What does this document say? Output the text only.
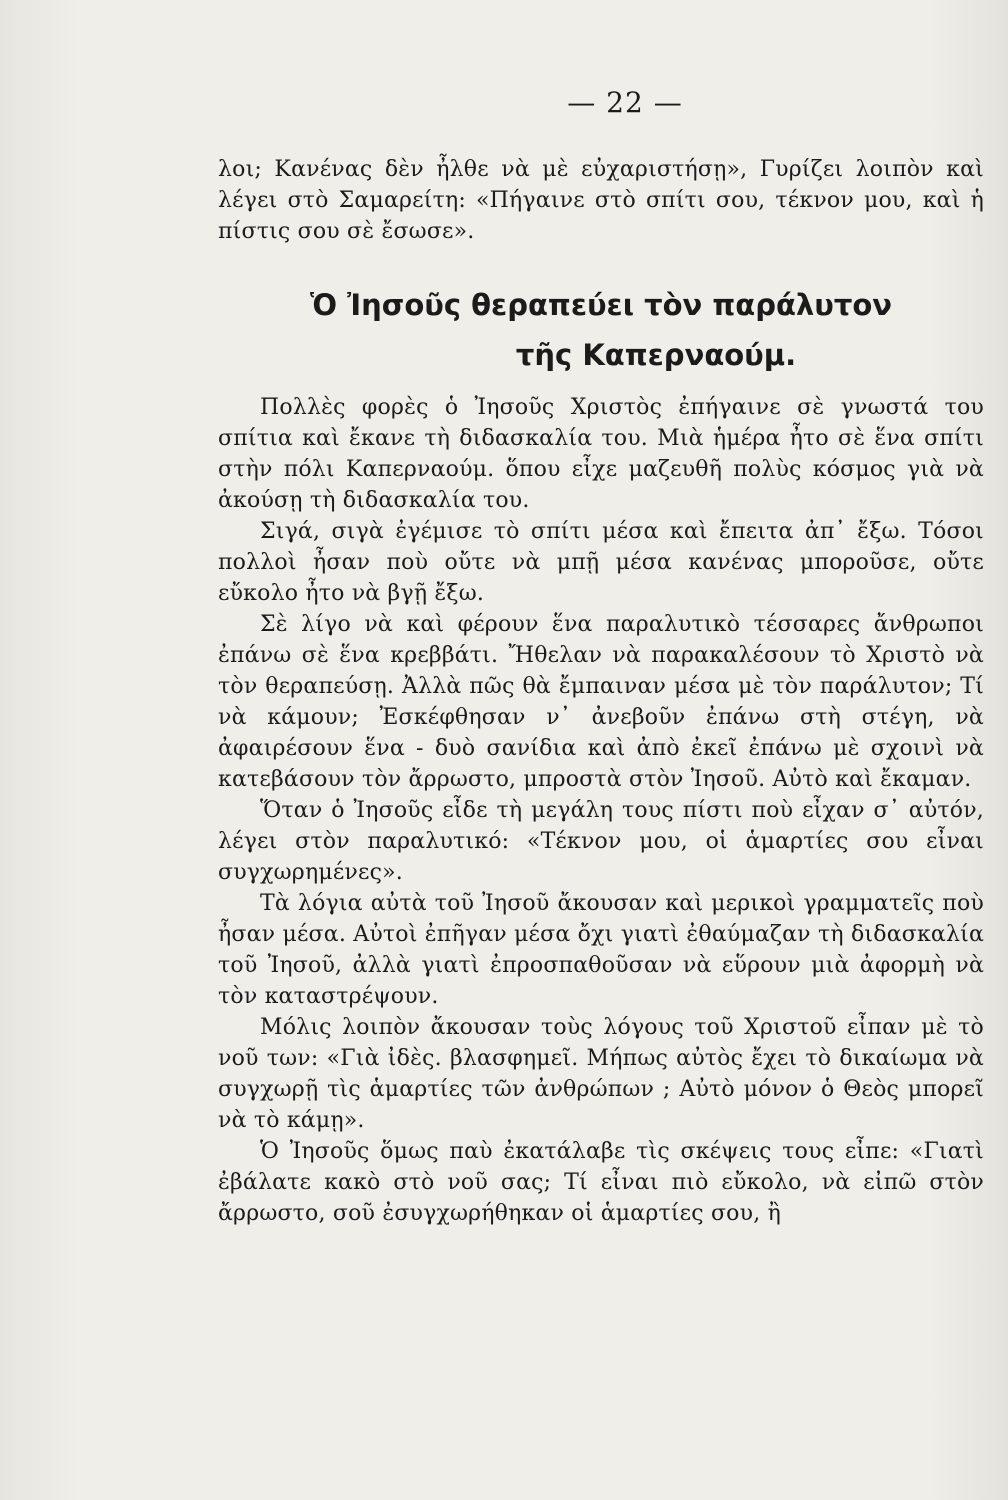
— 22 —

λοι; Κανένας δὲν ἦλθε νὰ μὲ εὐχαριστήσῃ», Γυρίζει λοιπὸν καὶ λέγει στὸ Σαμαρείτη: «Πήγαινε στὸ σπίτι σου, τέκνον μου, καὶ ἡ πίστις σου σὲ ἔσωσε».

Ὁ Ἰησοῦς θεραπεύει τὸν παράλυτον
τῆς Καπερναούμ.

Πολλὲς φορὲς ὁ Ἰησοῦς Χριστὸς ἐπήγαινε σὲ γνωστά του σπίτια καὶ ἔκανε τὴ διδασκαλία του. Μιὰ ἡμέρα ἦτο σὲ ἕνα σπίτι στὴν πόλι Καπερναούμ. ὅπου εἶχε μαζευθῆ πολὺς κόσμος γιὰ νὰ ἀκούσῃ τὴ διδασκαλία του.

Σιγά, σιγὰ ἐγέμισε τὸ σπίτι μέσα καὶ ἔπειτα ἀπ᾽ ἔξω. Τόσοι πολλοὶ ἦσαν ποὺ οὔτε νὰ μπῇ μέσα κανένας μποροῦσε, οὔτε εὔκολο ἦτο νὰ βγῇ ἔξω.

Σὲ λίγο νὰ καὶ φέρουν ἕνα παραλυτικὸ τέσσαρες ἄνθρωποι ἐπάνω σὲ ἕνα κρεββάτι. Ἤθελαν νὰ παρακαλέσουν τὸ Χριστὸ νὰ τὸν θεραπεύσῃ. Ἀλλὰ πῶς θὰ ἔμπαιναν μέσα μὲ τὸν παράλυτον; Τί νὰ κάμουν; Ἐσκέφθησαν ν᾽ ἀνεβοῦν ἐπάνω στὴ στέγη, νὰ ἀφαιρέσουν ἕνα - δυὸ σανίδια καὶ ἀπὸ ἐκεῖ ἐπάνω μὲ σχοινὶ νὰ κατεβάσουν τὸν ἄρρωστο, μπροστὰ στὸν Ἰησοῦ. Αὐτὸ καὶ ἔκαμαν.

Ὅταν ὁ Ἰησοῦς εἶδε τὴ μεγάλη τους πίστι ποὺ εἶχαν σ᾽ αὐτόν, λέγει στὸν παραλυτικό: «Τέκνον μου, οἱ ἁμαρτίες σου εἶναι συγχωρημένες».

Τὰ λόγια αὐτὰ τοῦ Ἰησοῦ ἄκουσαν καὶ μερικοὶ γραμματεῖς ποὺ ἦσαν μέσα. Αὐτοὶ ἐπῆγαν μέσα ὄχι γιατὶ ἐθαύμαζαν τὴ διδασκαλία τοῦ Ἰησοῦ, ἀλλὰ γιατὶ ἐπροσπαθοῦσαν νὰ εὕρουν μιὰ ἀφορμὴ νὰ τὸν καταστρέψουν.

Μόλις λοιπὸν ἄκουσαν τοὺς λόγους τοῦ Χριστοῦ εἶπαν μὲ τὸ νοῦ των: «Γιὰ ἰδὲς. βλασφημεῖ. Μήπως αὐτὸς ἔχει τὸ δικαίωμα νὰ συγχωρῇ τὶς ἁμαρτίες τῶν ἀνθρώπων ; Αὐτὸ μόνον ὁ Θεὸς μπορεῖ νὰ τὸ κάμῃ».

Ὁ Ἰησοῦς ὅμως παὺ ἐκατάλαβε τὶς σκέψεις τους εἶπε: «Γιατὶ ἐβάλατε κακὸ στὸ νοῦ σας; Τί εἶναι πιὸ εὔκολο, νὰ εἰπῶ στὸν ἄρρωστο, σοῦ ἐσυγχωρήθηκαν οἱ ἁμαρτίες σου, ἢ
